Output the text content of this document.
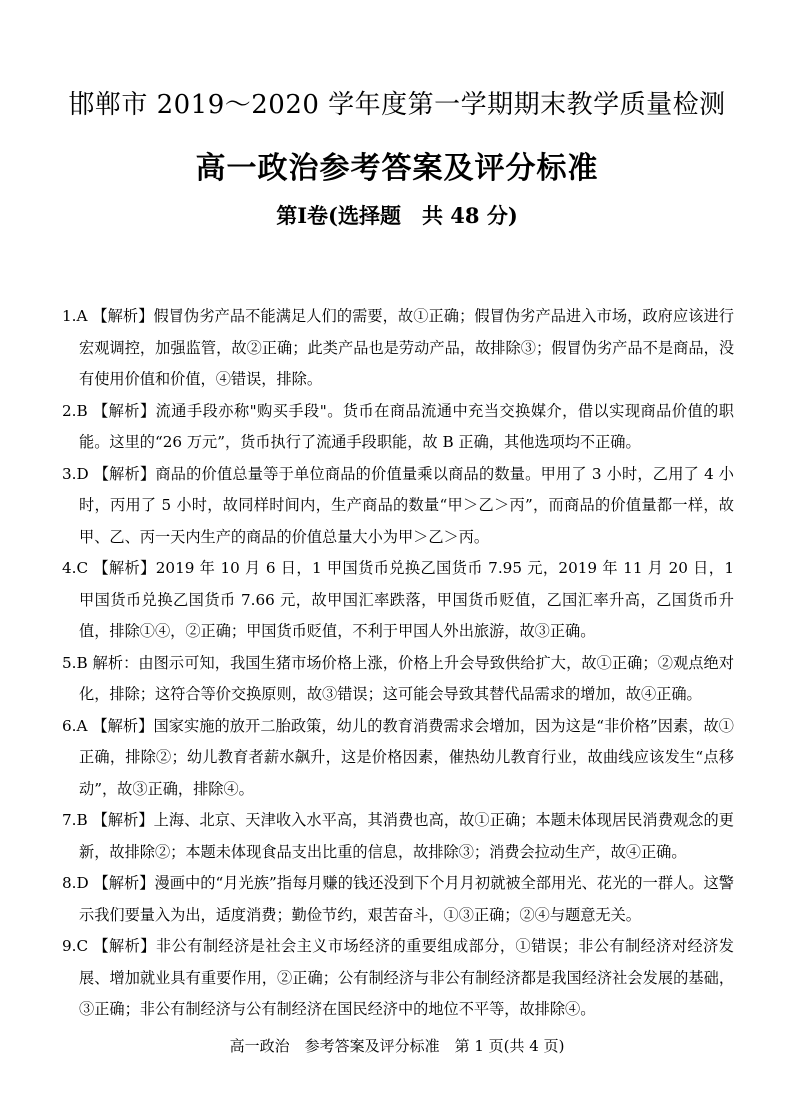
邯郸市 2019～2020 学年度第一学期期末教学质量检测
高一政治参考答案及评分标准
第Ⅰ卷(选择题　共 48 分)

1.A 【解析】假冒伪劣产品不能满足人们的需要，故①正确；假冒伪劣产品进入市场，政府应该进行宏观调控，加强监管，故②正确；此类产品也是劳动产品，故排除③；假冒伪劣产品不是商品，没有使用价值和价值，④错误，排除。

2.B 【解析】流通手段亦称"购买手段"。货币在商品流通中充当交换媒介，借以实现商品价值的职能。这里的“26 万元”，货币执行了流通手段职能，故 B 正确，其他选项均不正确。

3.D 【解析】商品的价值总量等于单位商品的价值量乘以商品的数量。甲用了 3 小时，乙用了 4 小时，丙用了 5 小时，故同样时间内，生产商品的数量“甲＞乙＞丙”，而商品的价值量都一样，故甲、乙、丙一天内生产的商品的价值总量大小为甲＞乙＞丙。

4.C 【解析】2019 年 10 月 6 日，1 甲国货币兑换乙国货币 7.95 元，2019 年 11 月 20 日，1 甲国货币兑换乙国货币 7.66 元，故甲国汇率跌落，甲国货币贬值，乙国汇率升高，乙国货币升值，排除①④，②正确；甲国货币贬值，不利于甲国人外出旅游，故③正确。

5.B 解析：由图示可知，我国生猪市场价格上涨，价格上升会导致供给扩大，故①正确；②观点绝对化，排除；这符合等价交换原则，故③错误；这可能会导致其替代品需求的增加，故④正确。

6.A 【解析】国家实施的放开二胎政策，幼儿的教育消费需求会增加，因为这是“非价格”因素，故①正确，排除②；幼儿教育者薪水飙升，这是价格因素，催热幼儿教育行业，故曲线应该发生“点移动”，故③正确，排除④。

7.B 【解析】上海、北京、天津收入水平高，其消费也高，故①正确；本题未体现居民消费观念的更新，故排除②；本题未体现食品支出比重的信息，故排除③；消费会拉动生产，故④正确。

8.D 【解析】漫画中的“月光族”指每月赚的钱还没到下个月月初就被全部用光、花光的一群人。这警示我们要量入为出，适度消费；勤俭节约，艰苦奋斗，①③正确；②④与题意无关。

9.C 【解析】非公有制经济是社会主义市场经济的重要组成部分，①错误；非公有制经济对经济发展、增加就业具有重要作用，②正确；公有制经济与非公有制经济都是我国经济社会发展的基础，③正确；非公有制经济与公有制经济在国民经济中的地位不平等，故排除④。

高一政治　参考答案及评分标准　第 1 页(共 4 页)
